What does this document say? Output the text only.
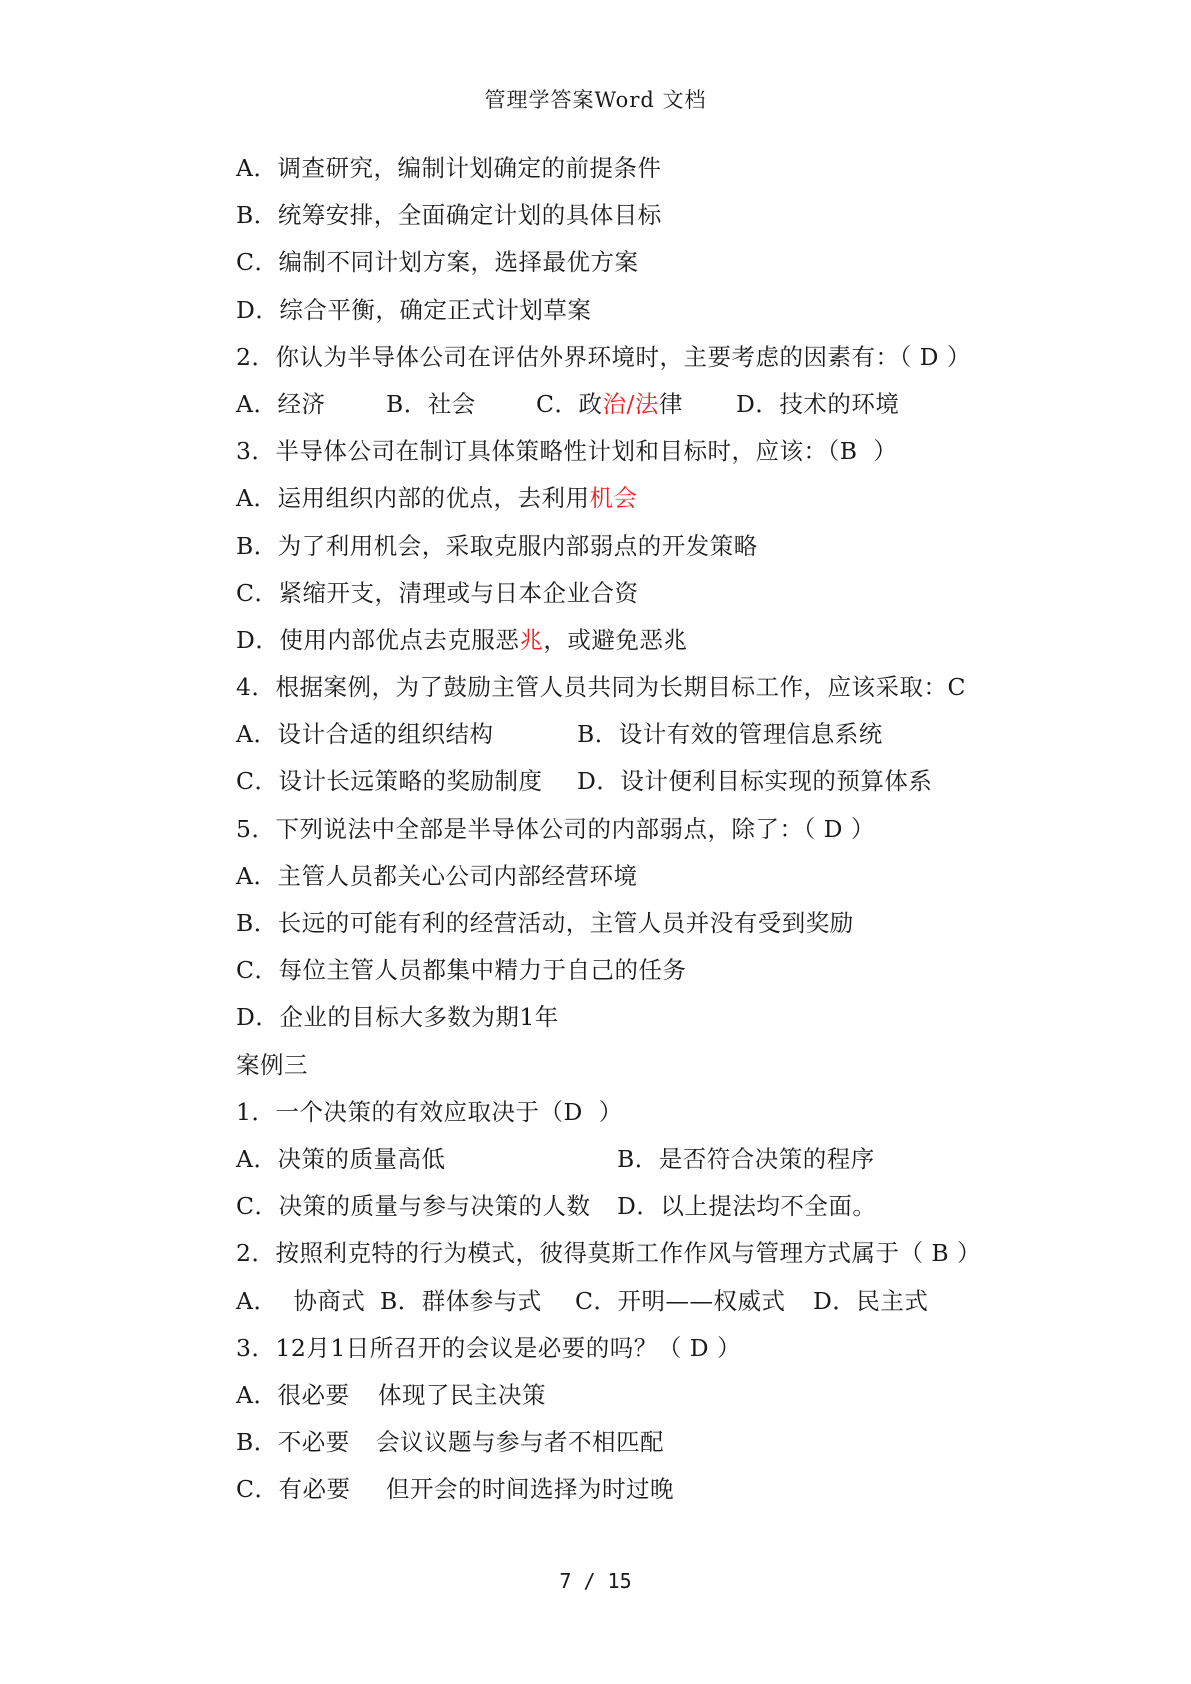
管理学答案Word 文档
A．调查研究，编制计划确定的前提条件
B．统筹安排，全面确定计划的具体目标
C．编制不同计划方案，选择最优方案
D．综合平衡，确定正式计划草案
2．你认为半导体公司在评估外界环境时，主要考虑的因素有：（ D ）
A．经济	B．社会	C．政治/法律	D．技术的环境
3．半导体公司在制订具体策略性计划和目标时，应该：（B  ）
A．运用组织内部的优点，去利用机会
B．为了利用机会，采取克服内部弱点的开发策略
C．紧缩开支，清理或与日本企业合资
D．使用内部优点去克服恶兆，或避免恶兆
4．根据案例，为了鼓励主管人员共同为长期目标工作，应该采取：C
A．设计合适的组织结构	B．设计有效的管理信息系统
C．设计长远策略的奖励制度	D．设计便利目标实现的预算体系
5．下列说法中全部是半导体公司的内部弱点，除了：（ D ）
A．主管人员都关心公司内部经营环境
B．长远的可能有利的经营活动，主管人员并没有受到奖励
C．每位主管人员都集中精力于自己的任务
D．企业的目标大多数为期1年
案例三
1．一个决策的有效应取决于（D  ）
A．决策的质量高低	B．是否符合决策的程序
C．决策的质量与参与决策的人数	D．以上提法均不全面。
2．按照利克特的行为模式，彼得莫斯工作作风与管理方式属于（ B ）
A．  协商式 B．群体参与式	C．开明——权威式	D．民主式
3．12月1日所召开的会议是必要的吗？（ D ）
A．很必要	体现了民主决策
B．不必要	会议议题与参与者不相匹配
C．有必要	但开会的时间选择为时过晚
7 / 15
